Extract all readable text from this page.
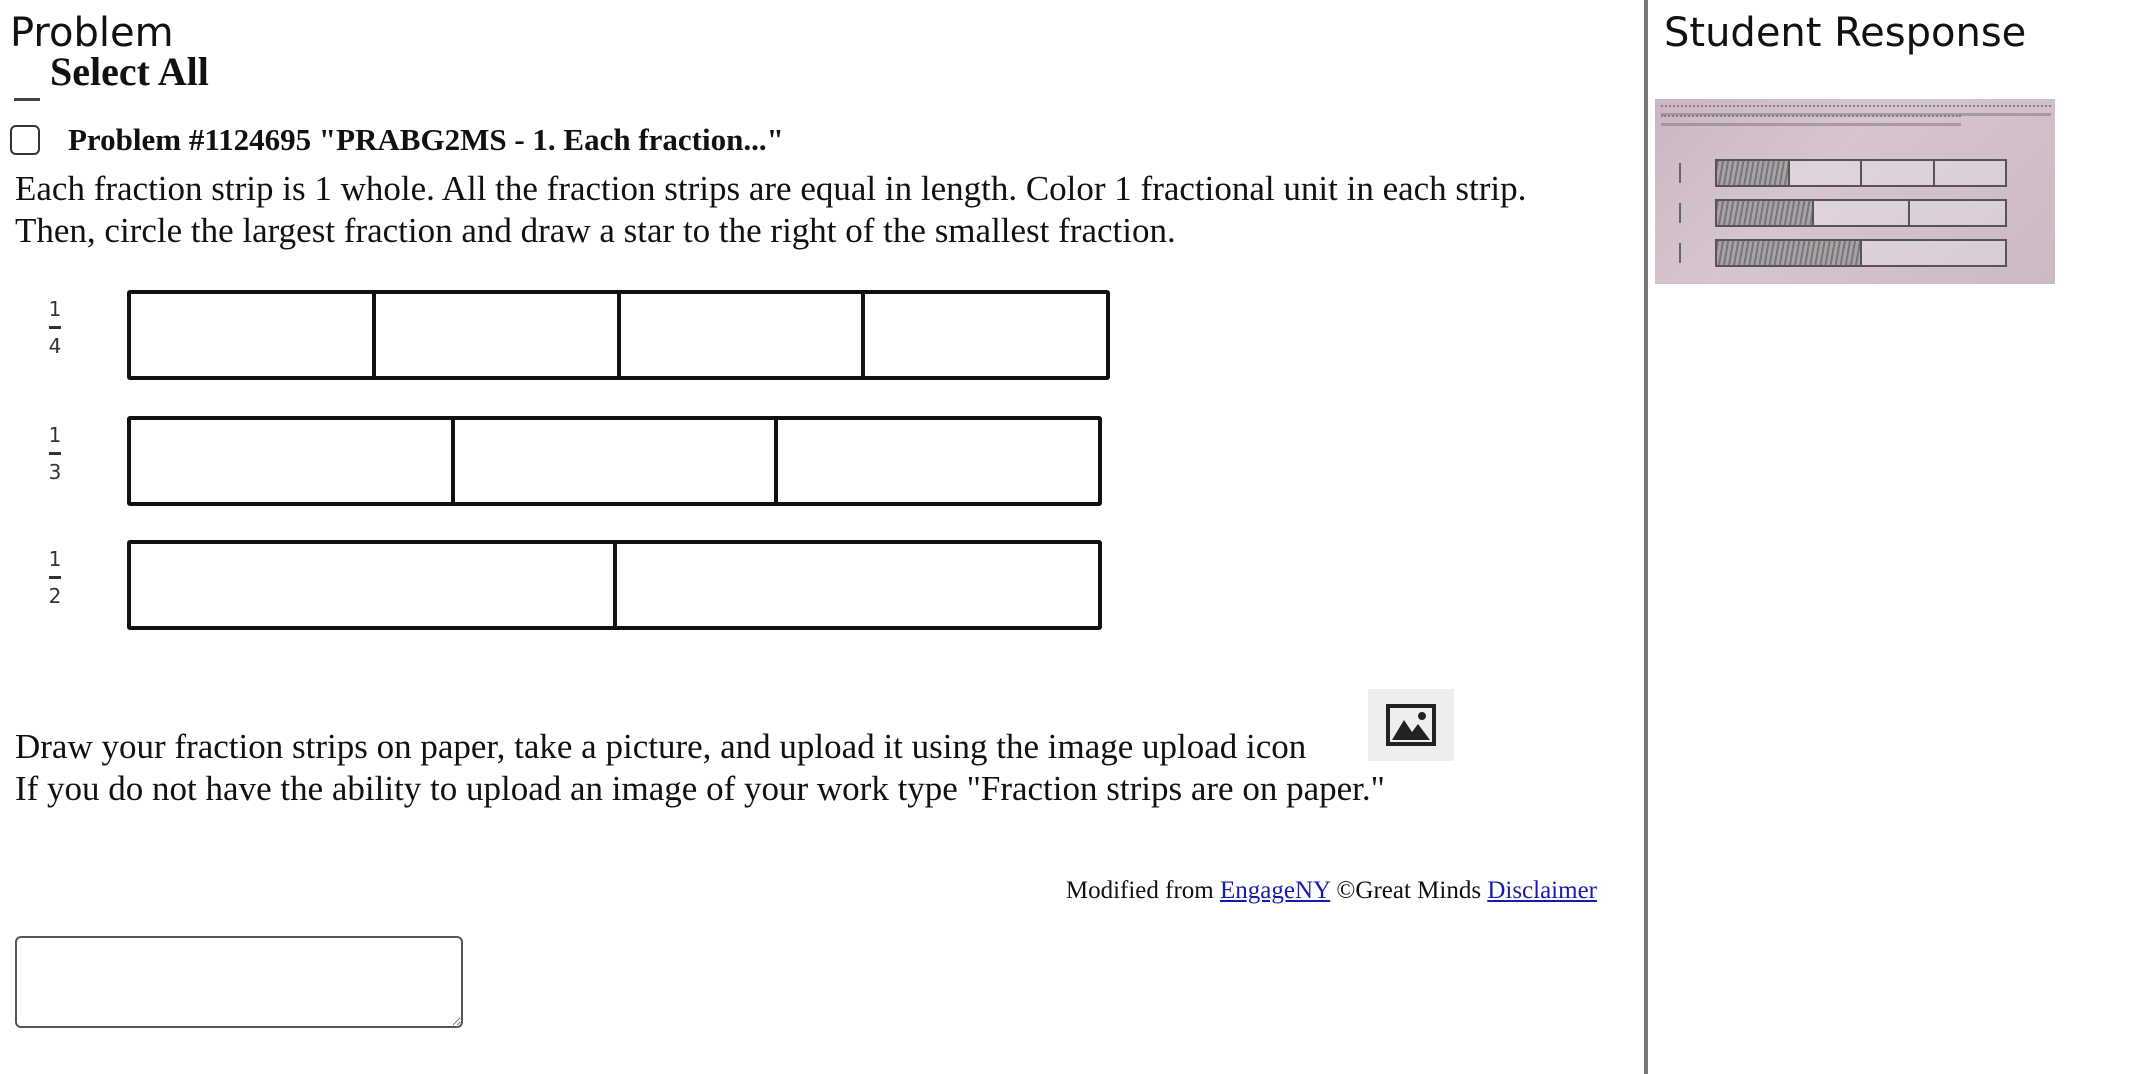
Problem
Select All
Problem #1124695 "PRABG2MS - 1. Each fraction..."

Each fraction strip is 1 whole. All the fraction strips are equal in length. Color 1 fractional unit in each strip. Then, circle the largest fraction and draw a star to the right of the smallest fraction.

1
4
1
3
1
2

Draw your fraction strips on paper, take a picture, and upload it using the image upload icon

If you do not have the ability to upload an image of your work type "Fraction strips are on paper."

Modified from EngageNY ©Great Minds Disclaimer
Student Response
